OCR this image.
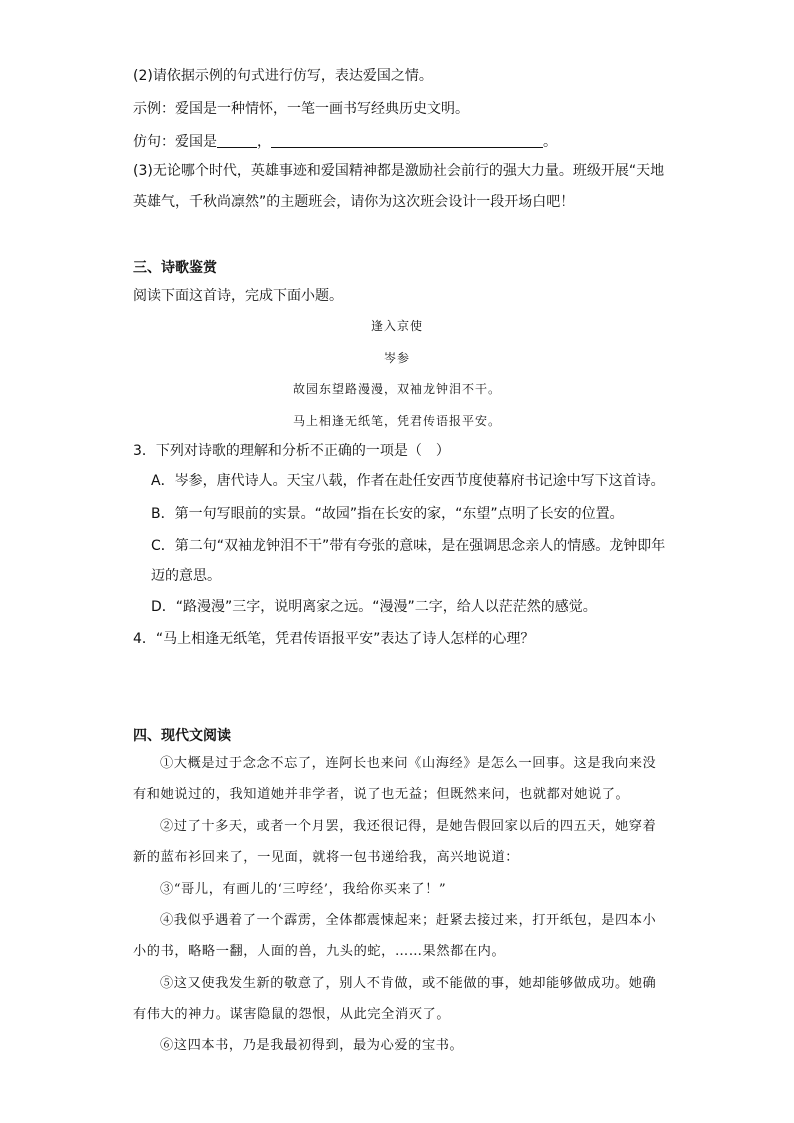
(2)请依据示例的句式进行仿写，表达爱国之情。
示例：爱国是一种情怀，一笔一画书写经典历史文明。
仿句：爱国是	，	。
(3)无论哪个时代，英雄事迹和爱国精神都是激励社会前行的强大力量。班级开展“天地
英雄气，千秋尚凛然”的主题班会，请你为这次班会设计一段开场白吧！
三、诗歌鉴赏
阅读下面这首诗，完成下面小题。
逢入京使
岑参
故园东望路漫漫，双袖龙钟泪不干。
马上相逢无纸笔，凭君传语报平安。
3．下列对诗歌的理解和分析不正确的一项是（　）
A．岑参，唐代诗人。天宝八载，作者在赴任安西节度使幕府书记途中写下这首诗。
B．第一句写眼前的实景。“故园”指在长安的家，“东望”点明了长安的位置。
C．第二句“双袖龙钟泪不干”带有夸张的意味，是在强调思念亲人的情感。龙钟即年
迈的意思。
D．“路漫漫”三字，说明离家之远。“漫漫”二字，给人以茫茫然的感觉。
4．“马上相逢无纸笔，凭君传语报平安”表达了诗人怎样的心理？
四、现代文阅读
①大概是过于念念不忘了，连阿长也来问《山海经》是怎么一回事。这是我向来没
有和她说过的，我知道她并非学者，说了也无益；但既然来问，也就都对她说了。
②过了十多天，或者一个月罢，我还很记得，是她告假回家以后的四五天，她穿着
新的蓝布衫回来了，一见面，就将一包书递给我，高兴地说道：
③“哥儿，有画儿的‘三哼经’，我给你买来了！”
④我似乎遇着了一个霹雳，全体都震悚起来；赶紧去接过来，打开纸包，是四本小
小的书，略略一翻，人面的兽，九头的蛇，……果然都在内。
⑤这又使我发生新的敬意了，别人不肯做，或不能做的事，她却能够做成功。她确
有伟大的神力。谋害隐鼠的怨恨，从此完全消灭了。
⑥这四本书，乃是我最初得到，最为心爱的宝书。
